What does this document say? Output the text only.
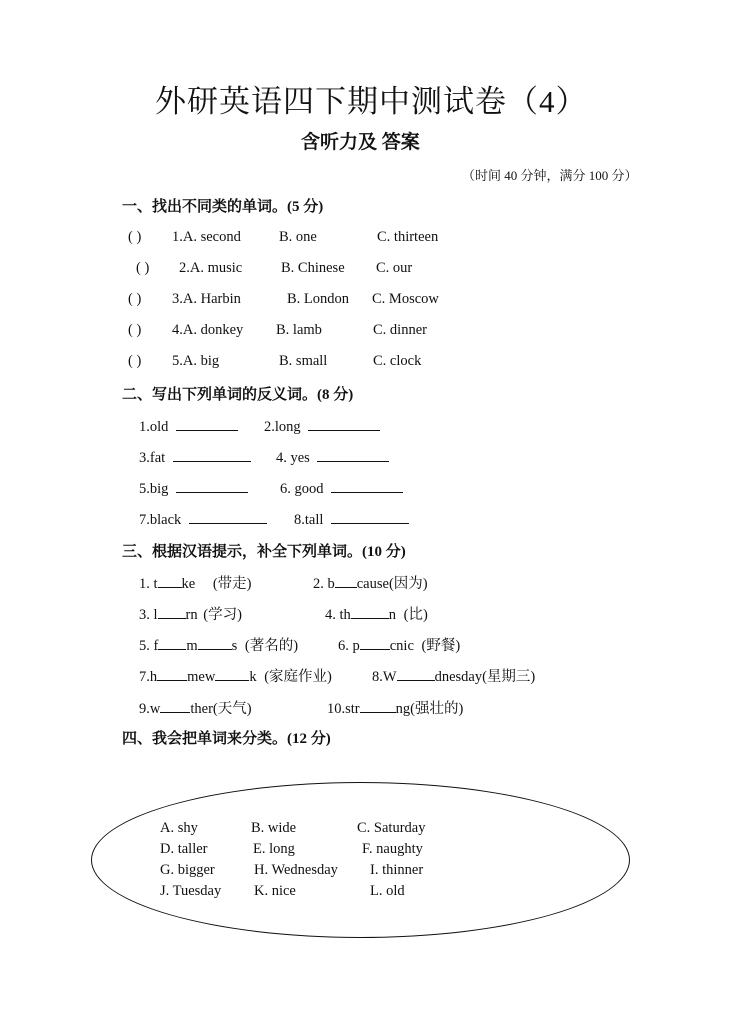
外研英语四下期中测试卷（4）
含听力及 答案
（时间 40 分钟，满分 100 分）
一、找出不同类的单词。(5 分)
( ) 1.A. second	B. one	C. thirteen
( ) 2.A. music	B. Chinese C. our
( ) 3.A. Harbin	B. London C. Moscow
( ) 4.A. donkey B. lamb	C. dinner
( ) 5.A. big	B. small	C. clock
二、写出下列单词的反义词。(8 分)
1.old	2.long
3.fat	4. yes
5.big	6. good
7.black	8.tall
三、根据汉语提示，补全下列单词。(10 分)
1. t ke (带走)	2. b cause(因为)
3. l rn (学习)	4. th	n (比)
5. f m s (著名的)	6. p cnic (野餐)
7.h mew k (家庭作业)	8.W	dnesday(星期三)
9.w ther(天气)	10.str ng(强壮的)
四、我会把单词来分类。(12 分)
A. shy	B. wide	C. Saturday
D. taller	E. long	F. naughty
G. bigger	H. Wednesday I. thinner
J. Tuesday K. nice	L. old
